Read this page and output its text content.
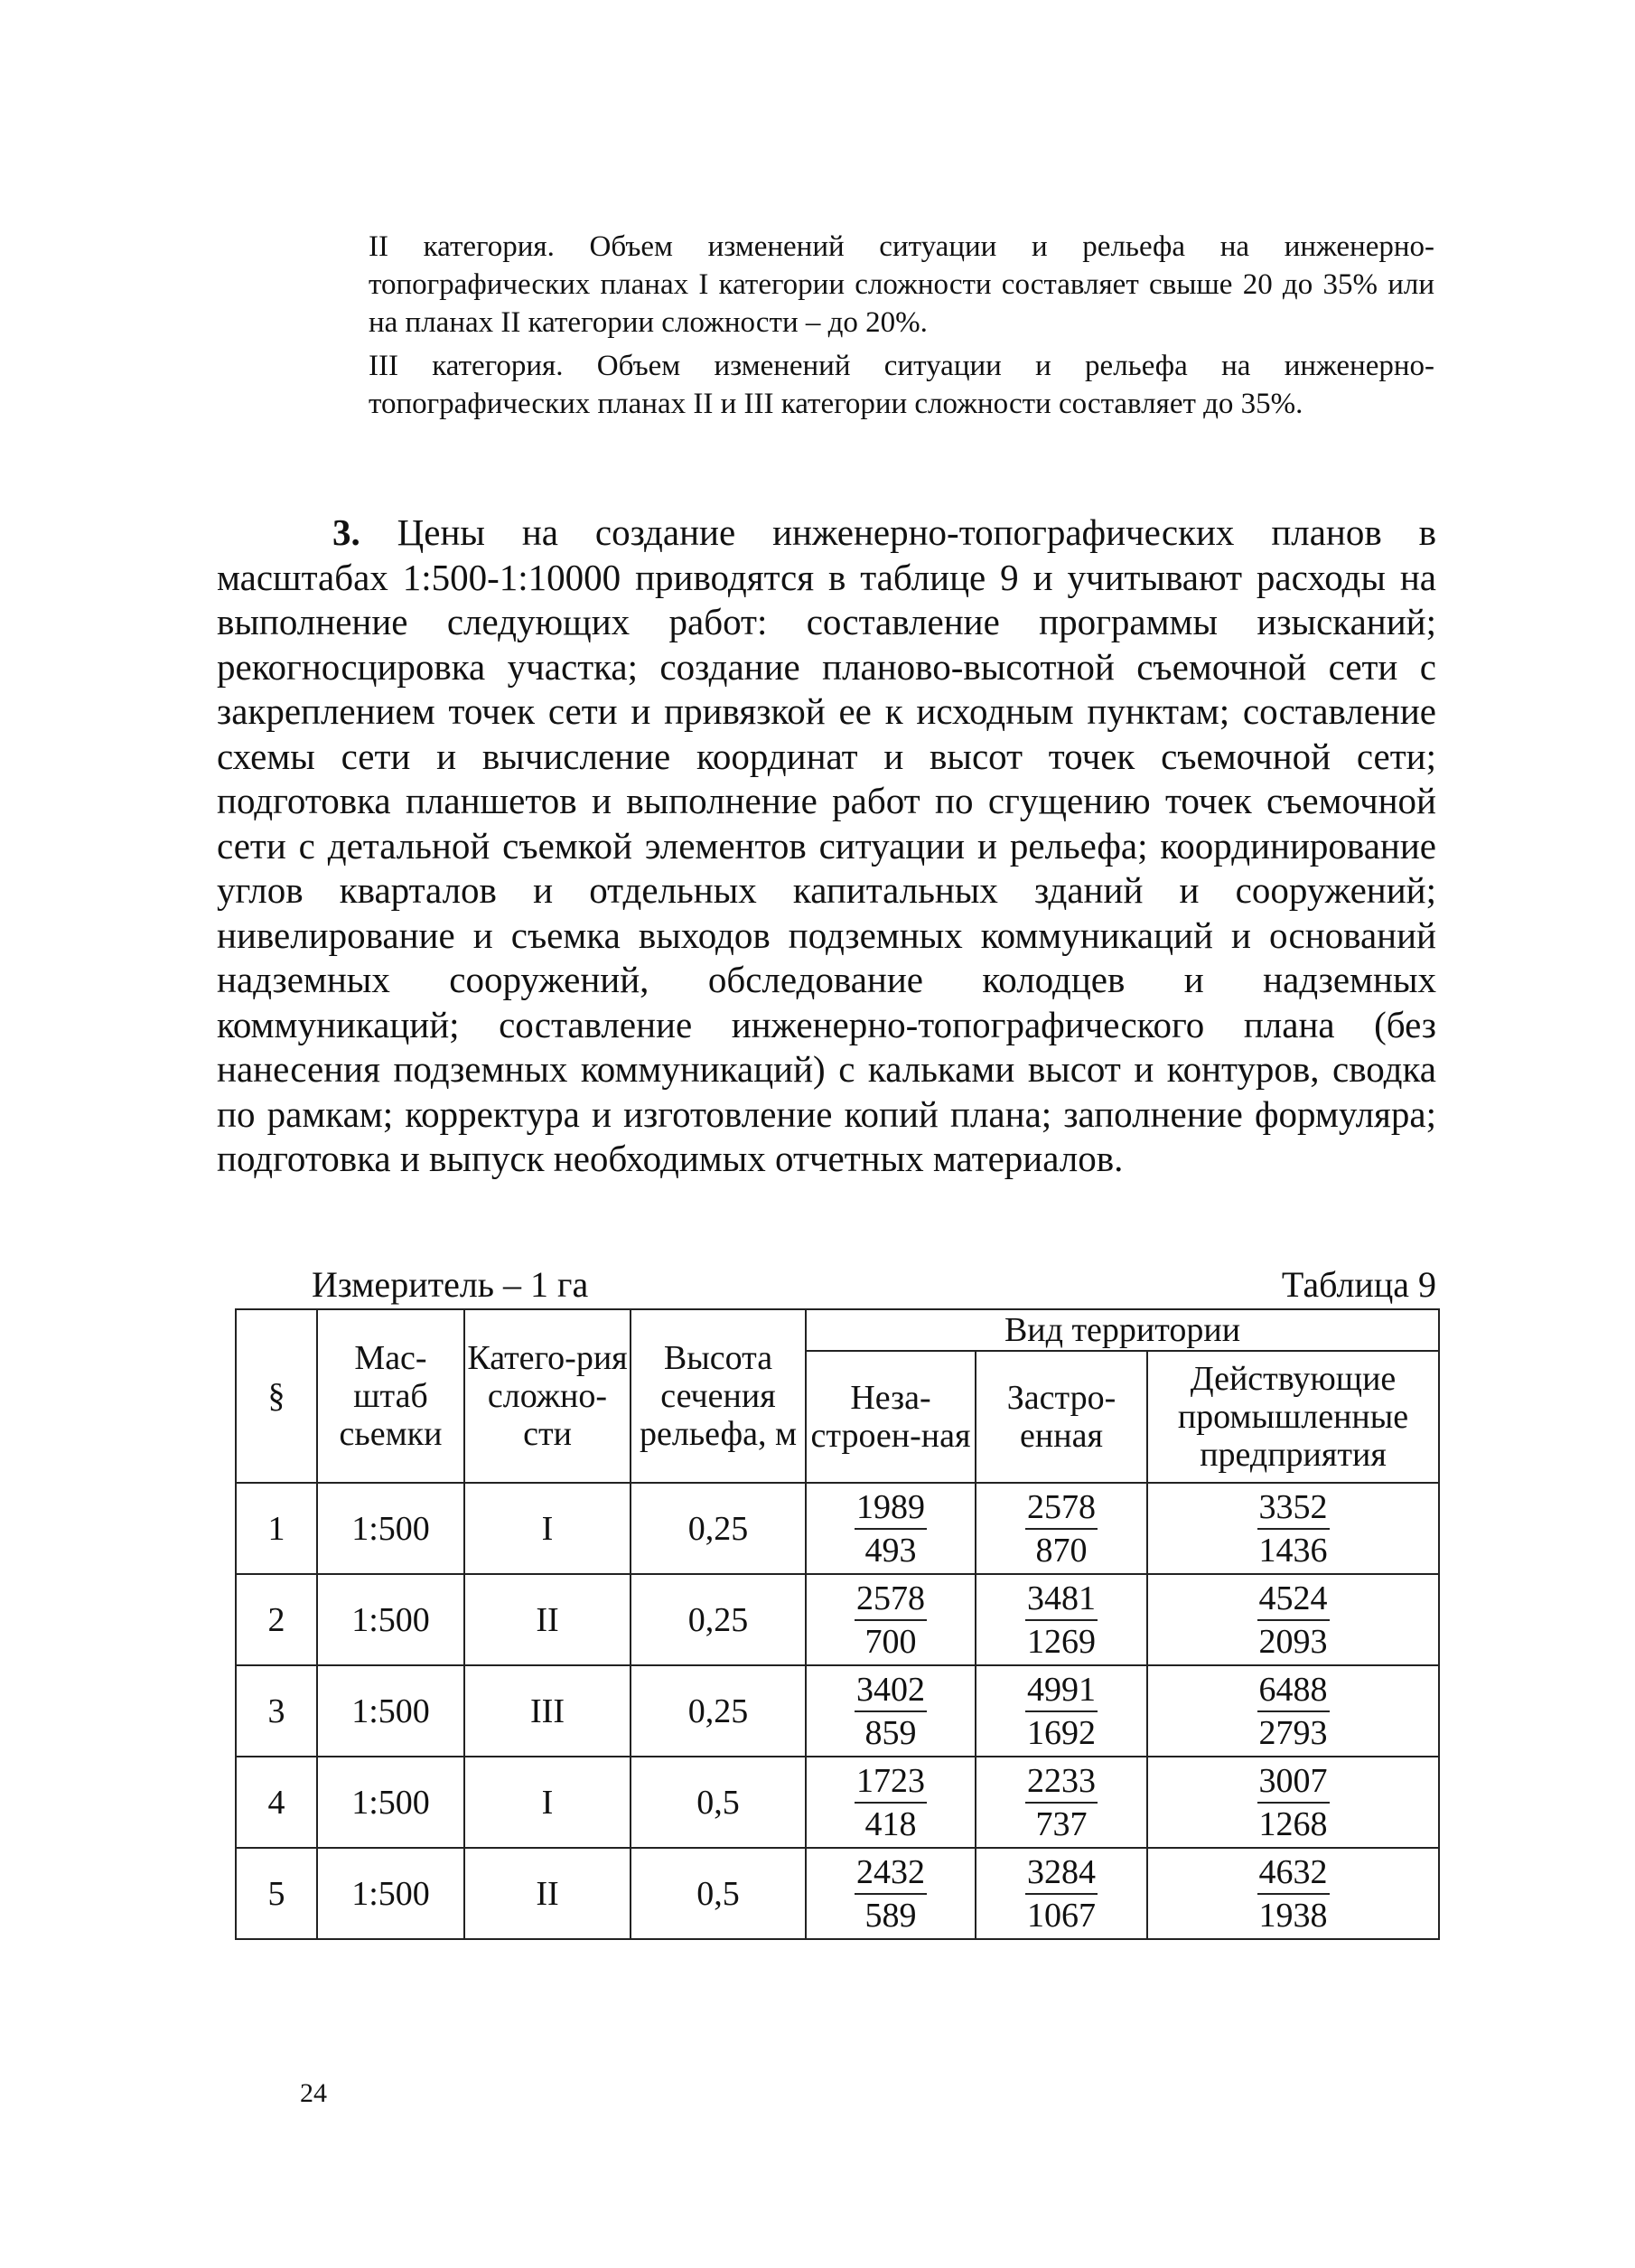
II категория. Объем изменений ситуации и рельефа на инженерно-топографических планах I категории сложности составляет свыше 20 до 35% или на планах II категории сложности – до 20%.

III категория. Объем изменений ситуации и рельефа на инженерно-топографических планах II и III категории сложности составляет до 35%.

3. Цены на создание инженерно-топографических планов в масштабах 1:500-1:10000 приводятся в таблице 9 и учитывают расходы на выполнение следующих работ: составление программы изысканий; рекогносцировка участка; создание планово-высотной съемочной сети с закреплением точек сети и привязкой ее к исходным пунктам; составление схемы сети и вычисление координат и высот точек съемочной сети; подготовка планшетов и выполнение работ по сгущению точек съемочной сети с детальной съемкой элементов ситуации и рельефа; координирование углов кварталов и отдельных капитальных зданий и сооружений; нивелирование и съемка выходов подземных коммуникаций и оснований надземных сооружений, обследование колодцев и надземных коммуникаций; составление инженерно-топографического плана (без нанесения подземных коммуникаций) с кальками высот и контуров, сводка по рамкам; корректура и изготовление копий плана; заполнение формуляра; подготовка и выпуск необходимых отчетных материалов.

Измеритель – 1 га	Таблица 9
§	Мас-штаб сьемки	Катего-рия сложно-сти	Высота сечения рельефа, м	Вид территории		
				Неза-строен-ная	Застро-енная	Действующие промышленные предприятия
1	1:500	I	0,25	$\frac{1989}{493}$	$\frac{2578}{870}$	$\frac{3352}{1436}$

2	1:500	II	0,25	$\frac{2578}{700}$	$\frac{3481}{1269}$	$\frac{4524}{2093}$

3	1:500	III	0,25	$\frac{3402}{859}$	$\frac{4991}{1692}$	$\frac{6488}{2793}$

4	1:500	I	0,5	$\frac{1723}{418}$	$\frac{2233}{737}$	$\frac{3007}{1268}$

5	1:500	II	0,5	$\frac{2432}{589}$	$\frac{3284}{1067}$	$\frac{4632}{1938}$
24
